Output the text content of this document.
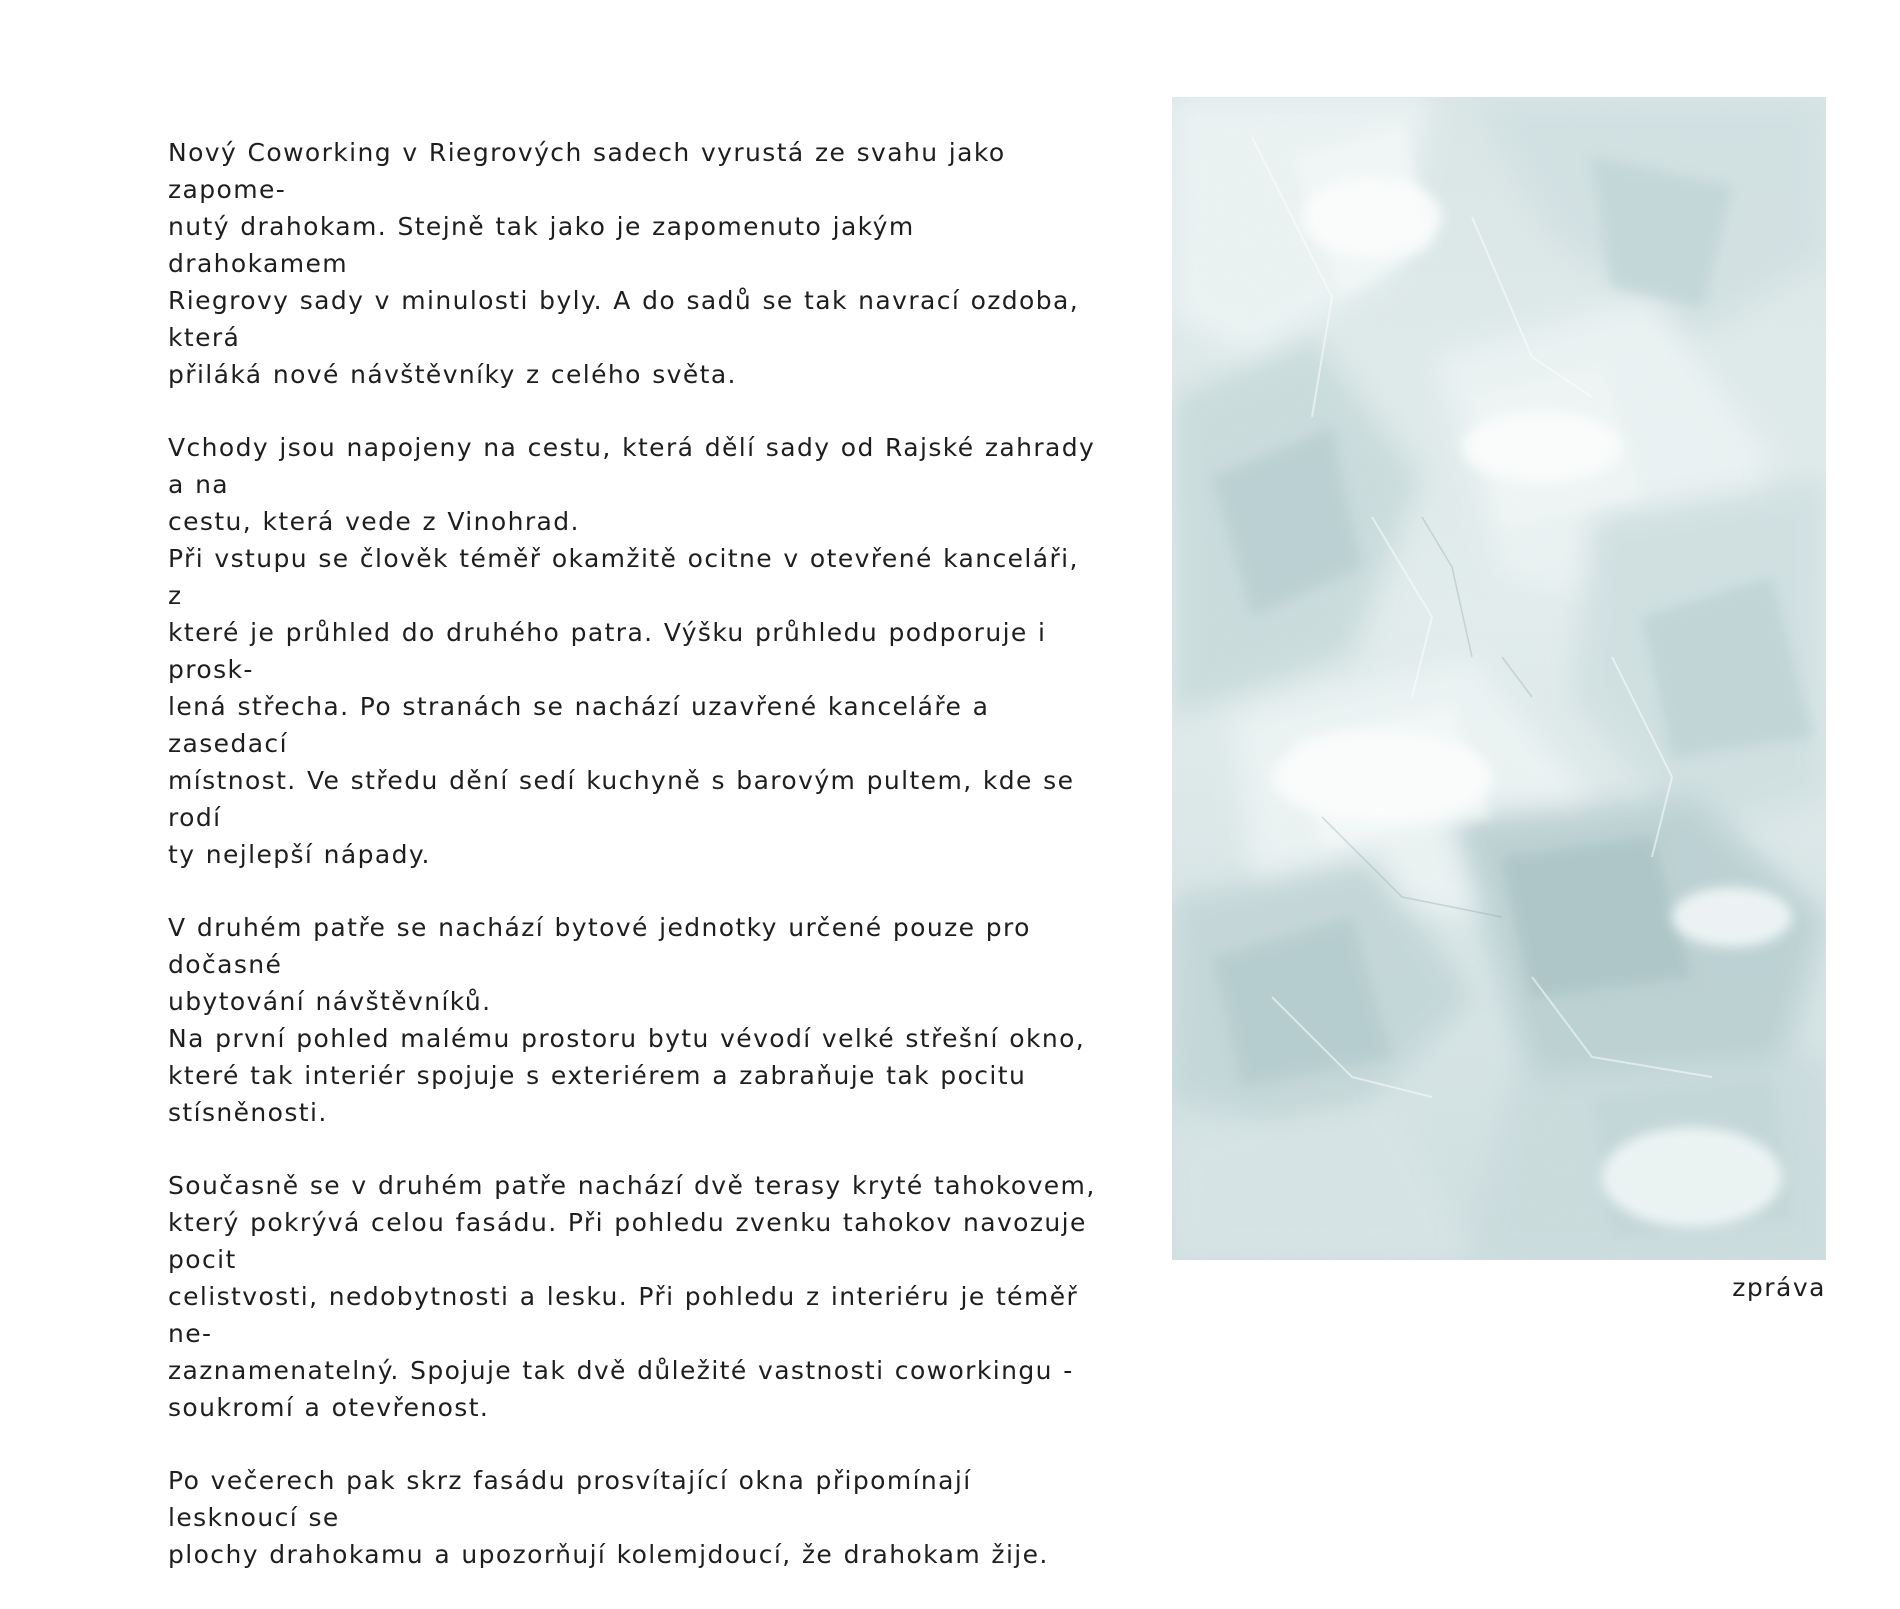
Nový Coworking v Riegrových sadech vyrustá ze svahu jako zapome-
nutý drahokam. Stejně tak jako je zapomenuto jakým drahokamem
Riegrovy sady v minulosti byly. A do sadů se tak navrací ozdoba, která
přiláká nové návštěvníky z celého světa.

Vchody jsou napojeny na cestu, která dělí sady od Rajské zahrady a na
cestu, která vede z Vinohrad.
Při vstupu se člověk téměř okamžitě ocitne v otevřené kanceláři, z
které je průhled do druhého patra. Výšku průhledu podporuje i prosk-
lená střecha. Po stranách se nachází uzavřené kanceláře a zasedací
místnost. Ve středu dění sedí kuchyně s barovým pultem, kde se rodí
ty nejlepší nápady.

V druhém patře se nachází bytové jednotky určené pouze pro dočasné
ubytování návštěvníků.
Na první pohled malému prostoru bytu vévodí velké střešní okno,
které tak interiér spojuje s exteriérem a zabraňuje tak pocitu
stísněnosti.

Současně se v druhém patře nachází dvě terasy kryté tahokovem,
který pokrývá celou fasádu. Při pohledu zvenku tahokov navozuje pocit
celistvosti, nedobytnosti a lesku. Při pohledu z interiéru je téměř ne-
zaznamenatelný. Spojuje tak dvě důležité vastnosti coworkingu -
soukromí a otevřenost.

Po večerech pak skrz fasádu prosvítající okna připomínají lesknoucí se
plochy drahokamu a upozorňují kolemjdoucí, že drahokam žije.

zpráva
